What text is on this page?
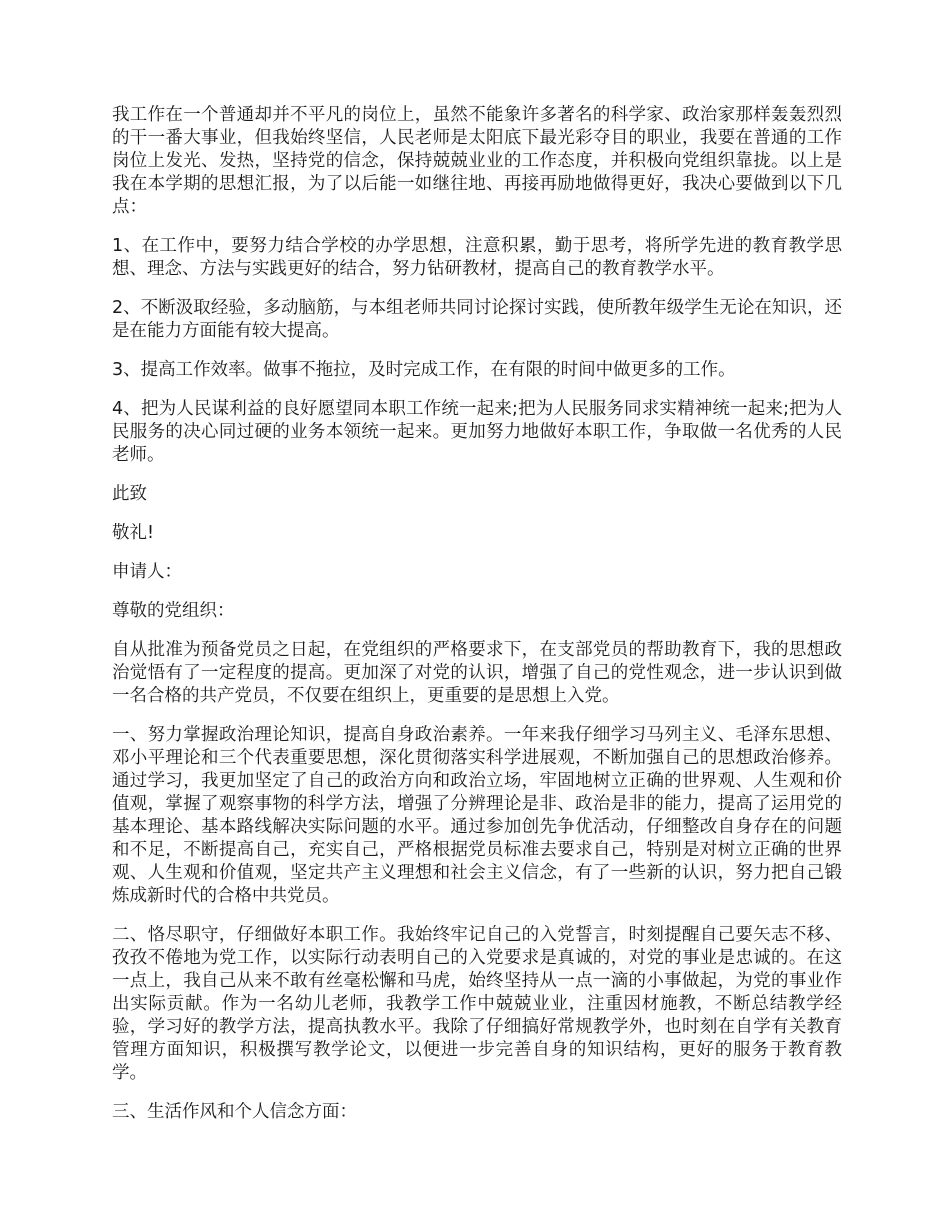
我工作在一个普通却并不平凡的岗位上，虽然不能象许多著名的科学家、政治家那样轰轰烈烈的干一番大事业，但我始终坚信，人民老师是太阳底下最光彩夺目的职业，我要在普通的工作岗位上发光、发热，坚持党的信念，保持兢兢业业的工作态度，并积极向党组织靠拢。以上是我在本学期的思想汇报，为了以后能一如继往地、再接再励地做得更好，我决心要做到以下几点：

1、在工作中，要努力结合学校的办学思想，注意积累，勤于思考，将所学先进的教育教学思想、理念、方法与实践更好的结合，努力钻研教材，提高自己的教育教学水平。

2、不断汲取经验，多动脑筋，与本组老师共同讨论探讨实践，使所教年级学生无论在知识，还是在能力方面能有较大提高。

3、提高工作效率。做事不拖拉，及时完成工作，在有限的时间中做更多的工作。

4、把为人民谋利益的良好愿望同本职工作统一起来;把为人民服务同求实精神统一起来;把为人民服务的决心同过硬的业务本领统一起来。更加努力地做好本职工作，争取做一名优秀的人民老师。

此致

敬礼!

申请人：

尊敬的党组织：

自从批准为预备党员之日起，在党组织的严格要求下，在支部党员的帮助教育下，我的思想政治觉悟有了一定程度的提高。更加深了对党的认识，增强了自己的党性观念，进一步认识到做一名合格的共产党员，不仅要在组织上，更重要的是思想上入党。

一、努力掌握政治理论知识，提高自身政治素养。一年来我仔细学习马列主义、毛泽东思想、邓小平理论和三个代表重要思想，深化贯彻落实科学进展观，不断加强自己的思想政治修养。通过学习，我更加坚定了自己的政治方向和政治立场，牢固地树立正确的世界观、人生观和价值观，掌握了观察事物的科学方法，增强了分辨理论是非、政治是非的能力，提高了运用党的基本理论、基本路线解决实际问题的水平。通过参加创先争优活动，仔细整改自身存在的问题和不足，不断提高自己，充实自己，严格根据党员标准去要求自己，特别是对树立正确的世界观、人生观和价值观，坚定共产主义理想和社会主义信念，有了一些新的认识，努力把自己锻炼成新时代的合格中共党员。

二、恪尽职守，仔细做好本职工作。我始终牢记自己的入党誓言，时刻提醒自己要矢志不移、孜孜不倦地为党工作，以实际行动表明自己的入党要求是真诚的，对党的事业是忠诚的。在这一点上，我自己从来不敢有丝毫松懈和马虎，始终坚持从一点一滴的小事做起，为党的事业作出实际贡献。作为一名幼儿老师，我教学工作中兢兢业业，注重因材施教，不断总结教学经验，学习好的教学方法，提高执教水平。我除了仔细搞好常规教学外，也时刻在自学有关教育管理方面知识，积极撰写教学论文，以便进一步完善自身的知识结构，更好的服务于教育教学。

三、生活作风和个人信念方面：
